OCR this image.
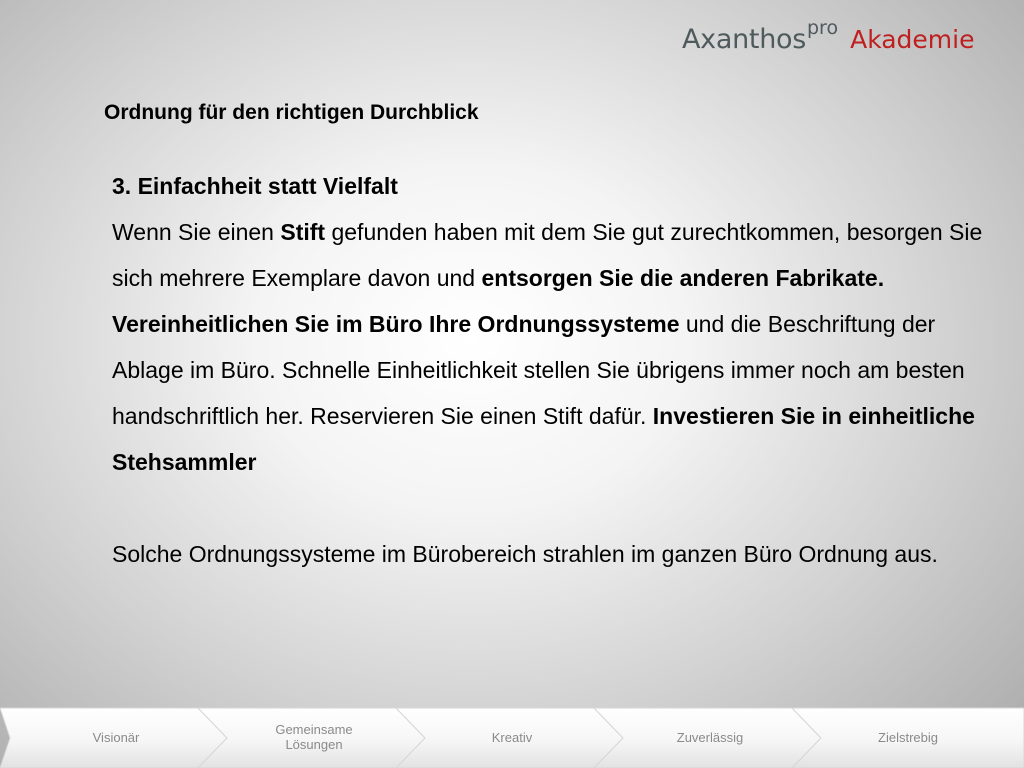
Axanthospro Akademie
Ordnung für den richtigen Durchblick

3. Einfachheit statt Vielfalt

Wenn Sie einen Stift gefunden haben mit dem Sie gut zurechtkommen, besorgen Sie sich mehrere Exemplare davon und entsorgen Sie die anderen Fabrikate.

Vereinheitlichen Sie im Büro Ihre Ordnungssysteme und die Beschriftung der Ablage im Büro. Schnelle Einheitlichkeit stellen Sie übrigens immer noch am besten handschriftlich her. Reservieren Sie einen Stift dafür. Investieren Sie in einheitliche Stehsammler

Solche Ordnungssysteme im Bürobereich strahlen im ganzen Büro Ordnung aus.

Visionär	Gemeinsame
Lösungen	Kreativ	Zuverlässig	Zielstrebig
